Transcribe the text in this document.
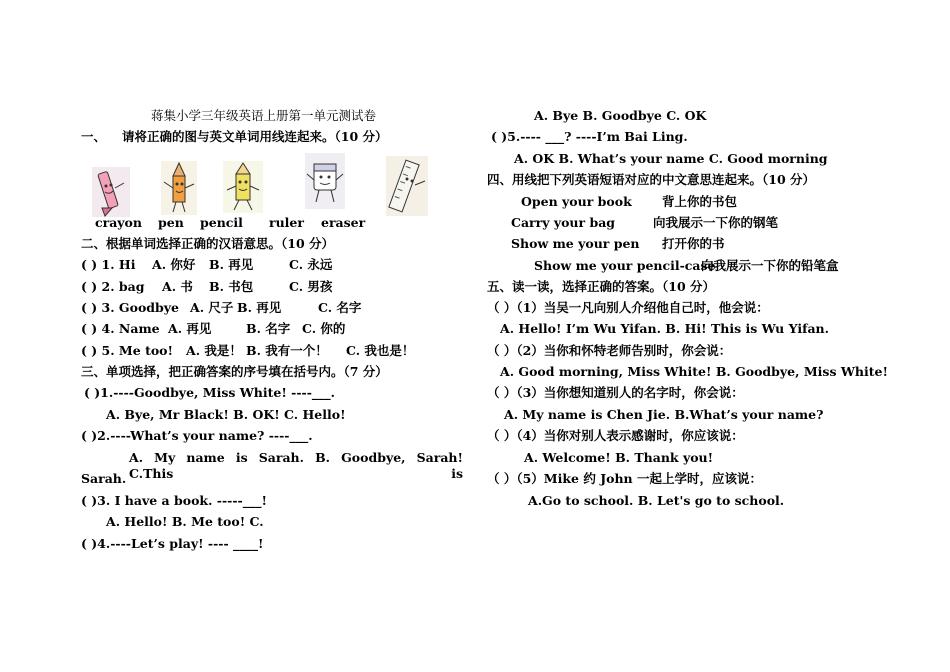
蒋集小学三年级英语上册第一单元测试卷
一、 请将正确的图与英文单词用线连起来。（10 分）
crayon pen pencil ruler eraser
二、根据单词选择正确的汉语意思。（10 分）
( ) 1. Hi A. 你好 B. 再见	C. 永远
( ) 2. bag A. 书 B. 书包	C. 男孩
( ) 3. Goodbye A. 尺子 B. 再见	C. 名字
( ) 4. Name A. 再见	B. 名字 C. 你的
( ) 5. Me too! A. 我是！ B. 我有一个！ C. 我也是！
三、单项选择，把正确答案的序号填在括号内。（7 分）
( )1.----Goodbye, Miss White! ----___.
A. Bye, Mr Black! B. OK! C. Hello!
( )2.----What’s your name? ----___.
A. My name is Sarah. B. Goodbye, Sarah! C.This is
Sarah.
( )3. I have a book. -----___!
A. Hello! B. Me too! C.
( )4.----Let’s play! ---- ____!
A. Bye B. Goodbye C. OK
( )5.---- ___? ----I’m Bai Ling.
A. OK B. What’s your name C. Good morning
四、用线把下列英语短语对应的中文意思连起来。（10 分）
Open your book 背上你的书包
Carry your bag	向我展示一下你的钢笔
Show me your pen 打开你的书
Show me your pencil-case
向我展示一下你的铅笔盒
五、读一读，选择正确的答案。（10 分）
（ ）（1）当吴一凡向别人介绍他自己时，他会说：
A. Hello! I’m Wu Yifan. B. Hi! This is Wu Yifan.
（ ）（2）当你和怀特老师告别时，你会说：
A. Good morning, Miss White! B. Goodbye, Miss White!
（ ）（3）当你想知道别人的名字时，你会说：
A. My name is Chen Jie. B.What’s your name?
（ ）（4）当你对别人表示感谢时，你应该说：
A. Welcome! B. Thank you!
（ ）（5）Mike 约 John 一起上学时，应该说：
A.Go to school. B. Let's go to school.
